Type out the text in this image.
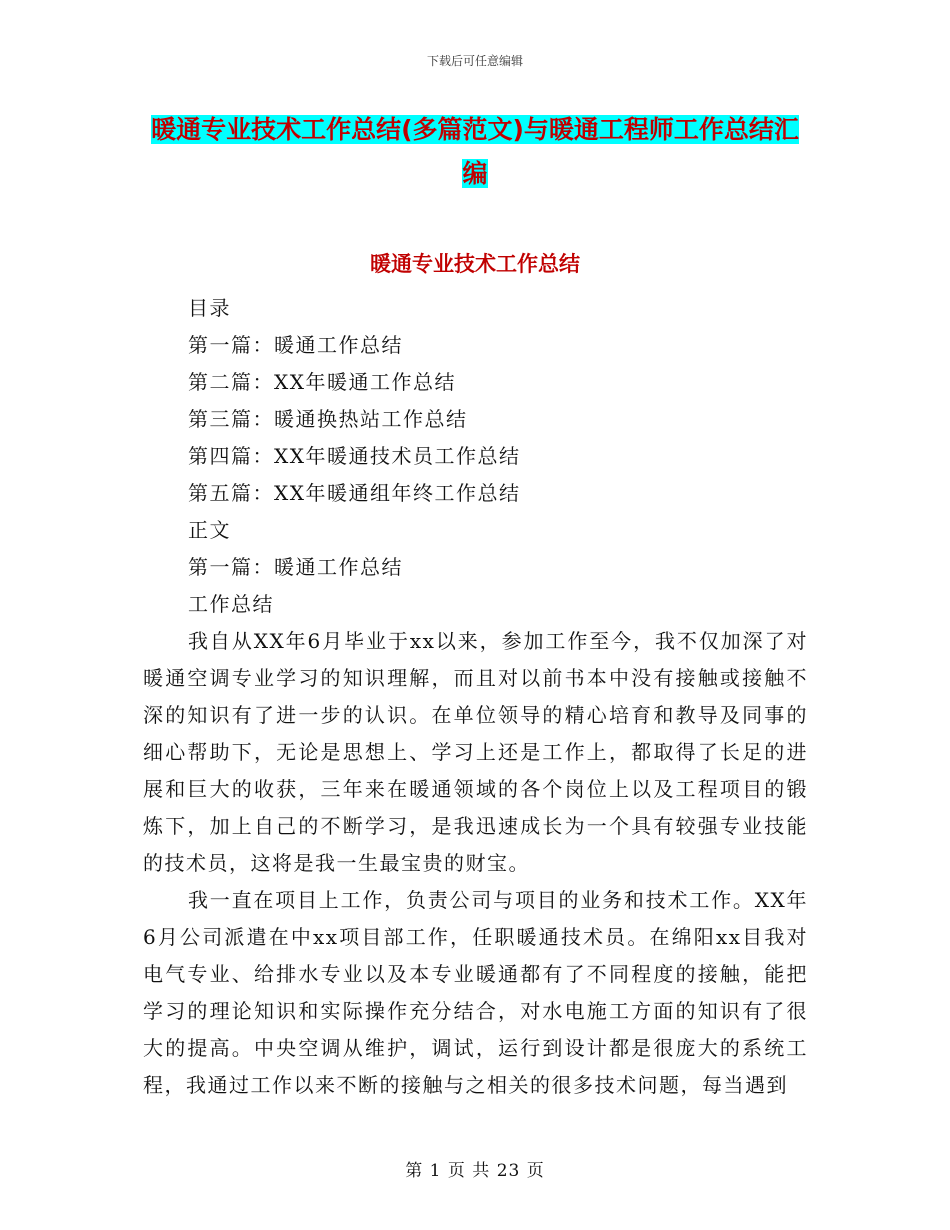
下载后可任意编辑
暖通专业技术工作总结(多篇范文)与暖通工程师工作总结汇编
暖通专业技术工作总结
目录
第一篇：暖通工作总结
第二篇：XX年暖通工作总结
第三篇：暖通换热站工作总结
第四篇：XX年暖通技术员工作总结
第五篇：XX年暖通组年终工作总结
正文
第一篇：暖通工作总结
工作总结

我自从XX年6月毕业于xx以来，参加工作至今，我不仅加深了对暖通空调专业学习的知识理解，而且对以前书本中没有接触或接触不深的知识有了进一步的认识。在单位领导的精心培育和教导及同事的细心帮助下，无论是思想上、学习上还是工作上，都取得了长足的进展和巨大的收获，三年来在暖通领域的各个岗位上以及工程项目的锻炼下，加上自己的不断学习，是我迅速成长为一个具有较强专业技能的技术员，这将是我一生最宝贵的财宝。

我一直在项目上工作，负责公司与项目的业务和技术工作。XX年6月公司派遣在中xx项目部工作，任职暖通技术员。在绵阳xx目我对电气专业、给排水专业以及本专业暖通都有了不同程度的接触，能把学习的理论知识和实际操作充分结合，对水电施工方面的知识有了很大的提高。中央空调从维护，调试，运行到设计都是很庞大的系统工程，我通过工作以来不断的接触与之相关的很多技术问题，每当遇到

第 1 页 共 23 页
